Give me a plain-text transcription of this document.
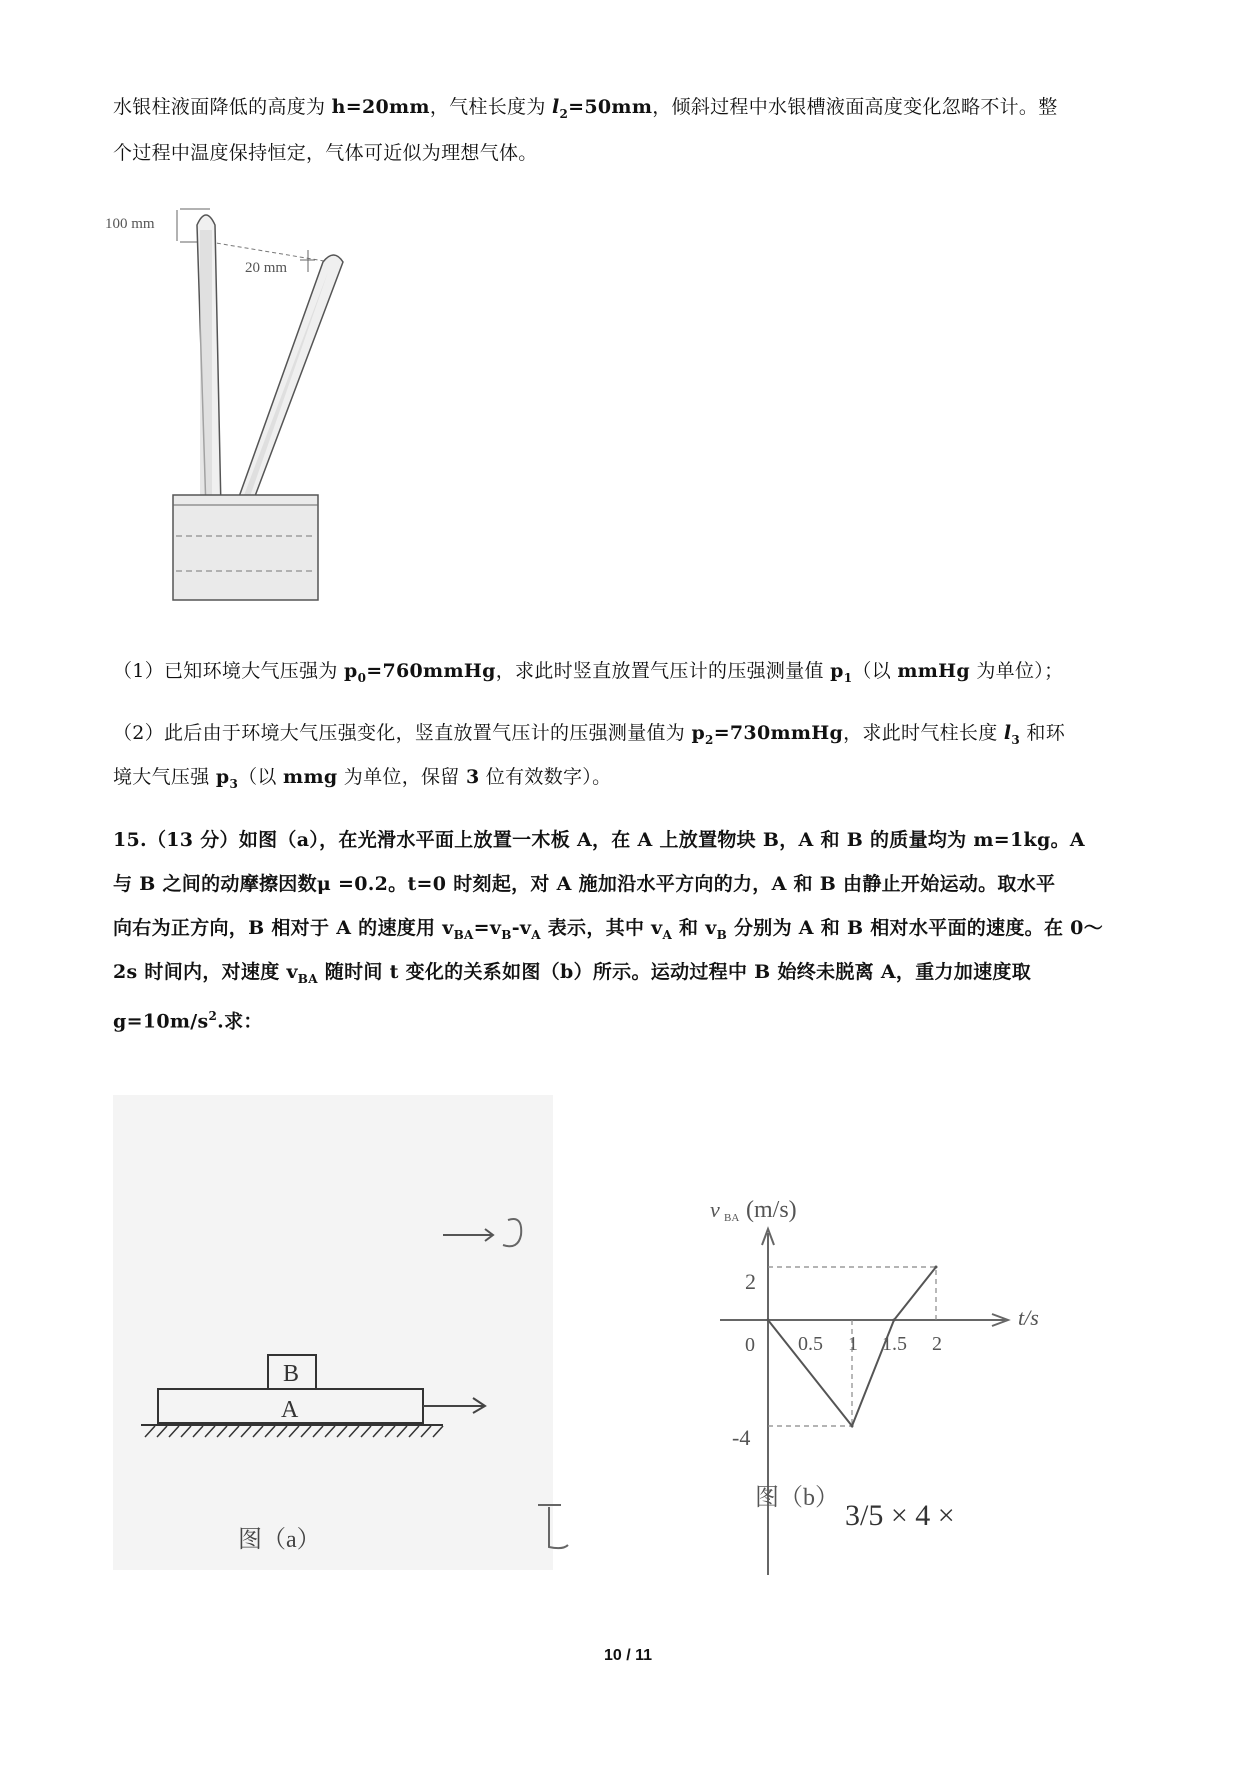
水银柱液面降低的高度为 h=20mm，气柱长度为 $l_2=50mm$，倾斜过程中水银槽液面高度变化忽略不计。整
个过程中温度保持恒定，气体可近似为理想气体。
100 mm
20 mm
（1）已知环境大气压强为 $p_0=760mmHg$，求此时竖直放置气压计的压强测量值 $p_1$（以 mmHg 为单位）；
（2）此后由于环境大气压强变化，竖直放置气压计的压强测量值为 $p_2=730mmHg$，求此时气柱长度 $l_3$ 和环
境大气压强 $p_3$（以 mmg 为单位，保留 3 位有效数字）。
15.（13 分）如图（a），在光滑水平面上放置一木板 A，在 A 上放置物块 B，A 和 B 的质量均为 m=1kg。A
与 B 之间的动摩擦因数μ =0.2。t=0 时刻起，对 A 施加沿水平方向的力，A 和 B 由静止开始运动。取水平
向右为正方向，B 相对于 A 的速度用 $v_{BA}=v_B-v_A$ 表示，其中 $v_A$ 和 $v_B$ 分别为 A 和 B 相对水平面的速度。在 0～
2s 时间内，对速度 $v_{BA}$ 随时间 t 变化的关系如图（b）所示。运动过程中 B 始终未脱离 A，重力加速度取
$g=10m/s^2$.求：
B
A
图（a）
v BA (m/s)
t/s
0
2
-4
0.5 1 1.5 2
图（b）
3/5 × 4 ×
10 / 11
